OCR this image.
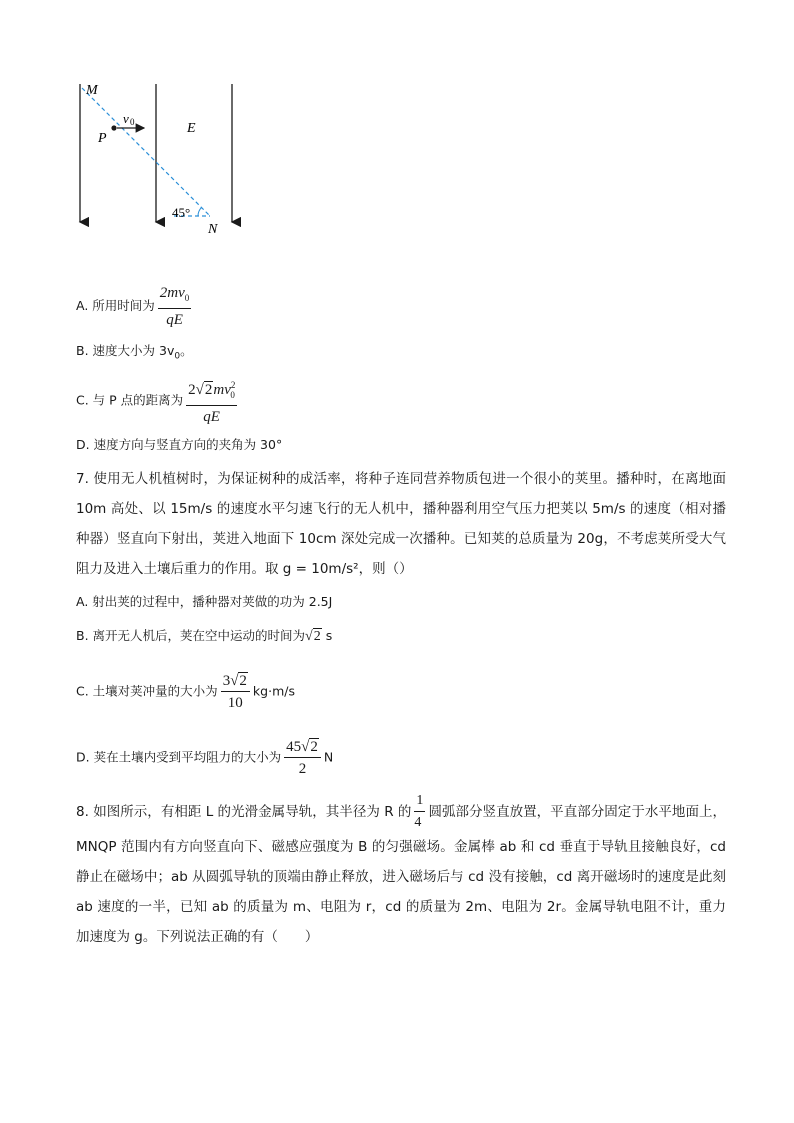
M
P
v 0	E
45°
N
A. 所用时间为 $\frac{2mv_0}{qE}$
B. 速度大小为 $3v_0$。
C. 与 P 点的距离为 $\frac{2√2mv^2_0}{qE}$
D. 速度方向与竖直方向的夹角为 30°
7. 使用无人机植树时，为保证树种的成活率，将种子连同营养物质包进一个很小的荚里。播种时，在离地面 10m 高处、以 15m/s 的速度水平匀速飞行的无人机中，播种器利用空气压力把荚以 5m/s 的速度（相对播种器）竖直向下射出，荚进入地面下 10cm 深处完成一次播种。已知荚的总质量为 20g，不考虑荚所受大气阻力及进入土壤后重力的作用。取 g = 10m/s²，则（）
A. 射出荚的过程中，播种器对荚做的功为 2.5J
B. 离开无人机后，荚在空中运动的时间为√2 s
C. 土壤对荚冲量的大小为 $\frac{3√2}{10} kg\cdot m/s$
D. 荚在土壤内受到平均阻力的大小为 $\frac{45√2}{2}$ N
8. 如图所示，有相距 L 的光滑金属导轨，其半径为 R 的 $\frac{1}{4}$ 圆弧部分竖直放置，平直部分固定于水平地面上，MNQP 范围内有方向竖直向下、磁感应强度为 B 的匀强磁场。金属棒 ab 和 cd 垂直于导轨且接触良好，cd 静止在磁场中；ab 从圆弧导轨的顶端由静止释放，进入磁场后与 cd 没有接触，cd 离开磁场时的速度是此刻 ab 速度的一半，已知 ab 的质量为 m、电阻为 r，cd 的质量为 2m、电阻为 2r。金属导轨电阻不计，重力加速度为 g。下列说法正确的有（　　）
